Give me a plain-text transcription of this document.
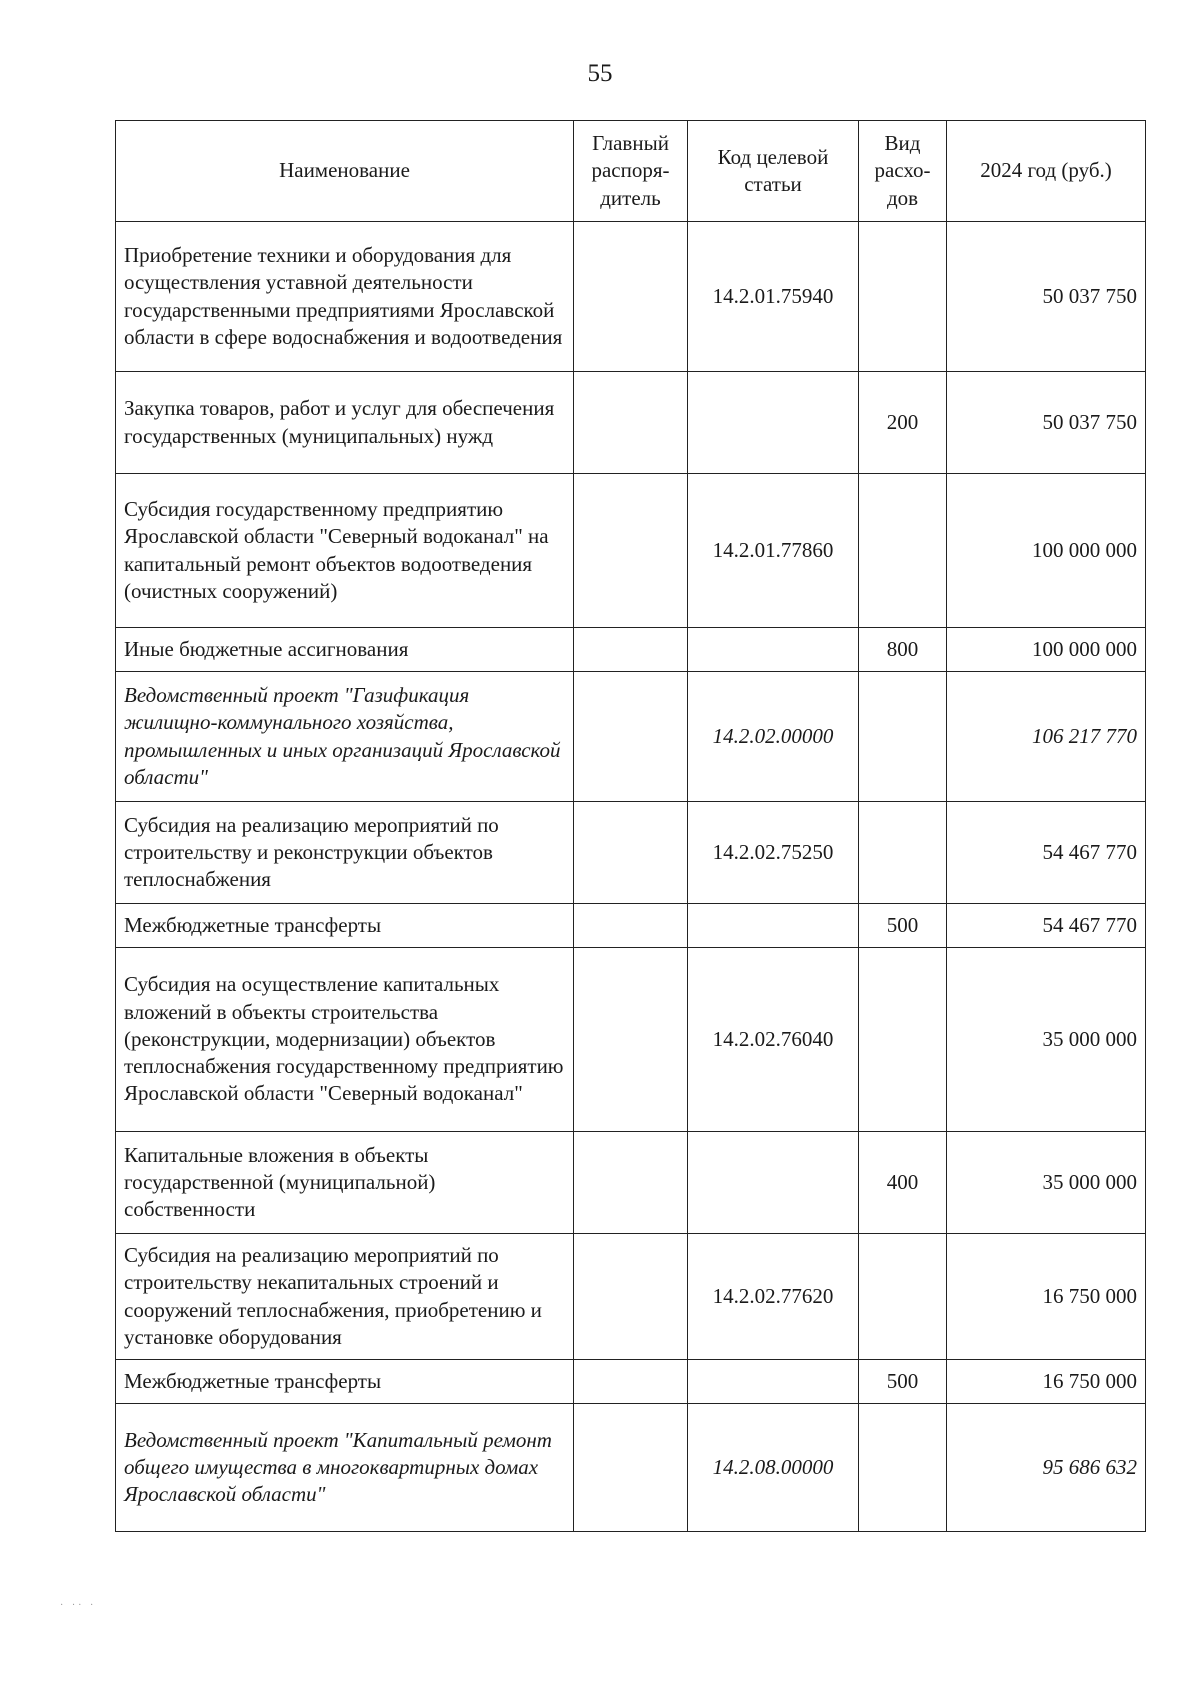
55
Наименование	Главный распоря-дитель	Код целевой статьи	Вид расхо-дов	2024 год (руб.)
Приобретение техники и оборудования для осуществления уставной деятельности государственными предприятиями Ярославской области в сфере водоснабжения и водоотведения		14.2.01.75940		50 037 750
Закупка товаров, работ и услуг для обеспечения государственных (муниципальных) нужд			200	50 037 750
Субсидия государственному предприятию Ярославской области "Северный водоканал" на капитальный ремонт объектов водоотведения (очистных сооружений)		14.2.01.77860		100 000 000
Иные бюджетные ассигнования			800	100 000 000
Ведомственный проект "Газификация жилищно-коммунального хозяйства, промышленных и иных организаций Ярославской области"		14.2.02.00000		106 217 770
Субсидия на реализацию мероприятий по строительству и реконструкции объектов теплоснабжения		14.2.02.75250		54 467 770
Межбюджетные трансферты			500	54 467 770
Субсидия на осуществление капитальных вложений в объекты строительства (реконструкции, модернизации) объектов теплоснабжения государственному предприятию Ярославской области "Северный водоканал"		14.2.02.76040		35 000 000
Капитальные вложения в объекты государственной (муниципальной) собственности			400	35 000 000
Субсидия на реализацию мероприятий по строительству некапитальных строений и сооружений теплоснабжения, приобретению и установке оборудования		14.2.02.77620		16 750 000
Межбюджетные трансферты			500	16 750 000
Ведомственный проект "Капитальный ремонт общего имущества в многоквартирных домах Ярославской области"		14.2.08.00000		95 686 632
· ·· ·
